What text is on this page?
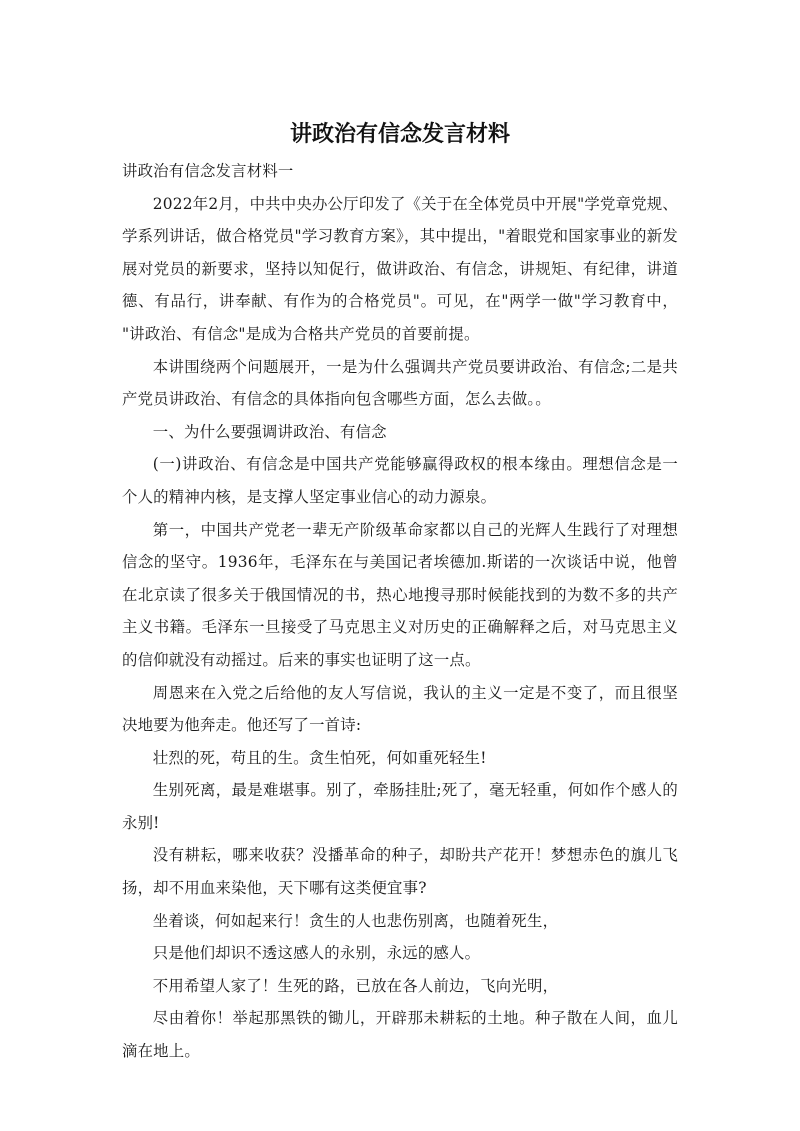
讲政治有信念发言材料

讲政治有信念发言材料一

2022年2月，中共中央办公厅印发了《关于在全体党员中开展"学党章党规、学系列讲话，做合格党员"学习教育方案》，其中提出，"着眼党和国家事业的新发展对党员的新要求，坚持以知促行，做讲政治、有信念，讲规矩、有纪律，讲道德、有品行，讲奉献、有作为的合格党员"。可见，在"两学一做"学习教育中， "讲政治、有信念"是成为合格共产党员的首要前提。

本讲围绕两个问题展开，一是为什么强调共产党员要讲政治、有信念;二是共产党员讲政治、有信念的具体指向包含哪些方面，怎么去做。。

一、为什么要强调讲政治、有信念

(一)讲政治、有信念是中国共产党能够赢得政权的根本缘由。理想信念是一个人的精神内核，是支撑人坚定事业信心的动力源泉。

第一，中国共产党老一辈无产阶级革命家都以自己的光辉人生践行了对理想信念的坚守。1936年，毛泽东在与美国记者埃德加.斯诺的一次谈话中说，他曾在北京读了很多关于俄国情况的书，热心地搜寻那时候能找到的为数不多的共产主义书籍。毛泽东一旦接受了马克思主义对历史的正确解释之后，对马克思主义的信仰就没有动摇过。后来的事实也证明了这一点。

周恩来在入党之后给他的友人写信说，我认的主义一定是不变了，而且很坚决地要为他奔走。他还写了一首诗:

壮烈的死，苟且的生。贪生怕死，何如重死轻生!

生别死离，最是难堪事。别了，牵肠挂肚;死了，毫无轻重，何如作个感人的永别!

没有耕耘，哪来收获？没播革命的种子，却盼共产花开！梦想赤色的旗儿飞扬，却不用血来染他，天下哪有这类便宜事?

坐着谈，何如起来行！贪生的人也悲伤别离，也随着死生，

只是他们却识不透这感人的永别，永远的感人。

不用希望人家了！生死的路，已放在各人前边，飞向光明，

尽由着你！举起那黑铁的锄儿，开辟那未耕耘的土地。种子散在人间，血儿滴在地上。
